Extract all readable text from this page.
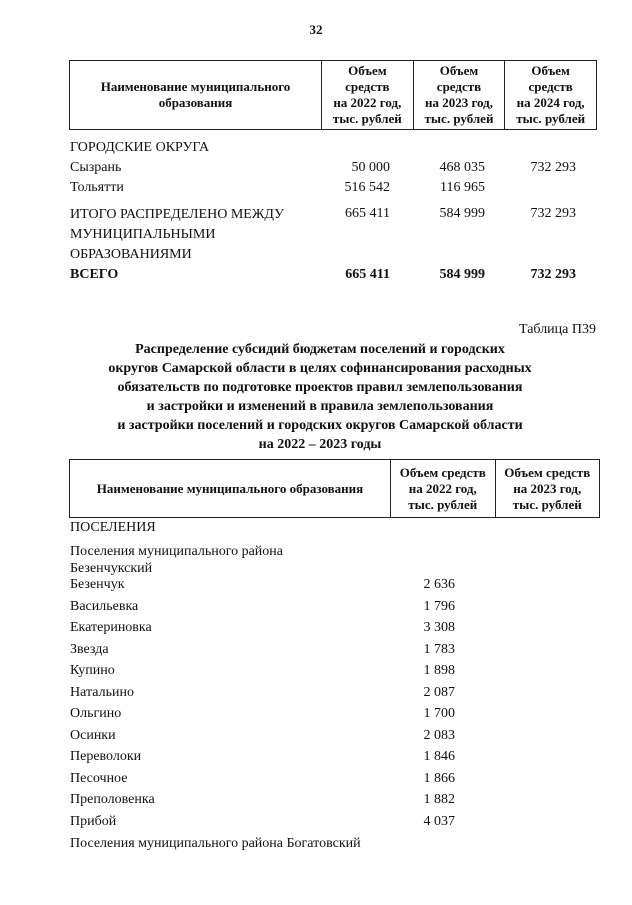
32
Наименование муниципального
образования

Объем
средств
на 2022 год,
тыс. рублей

Объем
средств
на 2023 год,
тыс. рублей

Объем
средств
на 2024 год,
тыс. рублей
ГОРОДСКИЕ ОКРУГА
Сызрань	50 000	468 035	732 293
Тольятти	516 542	116 965
ИТОГО РАСПРЕДЕЛЕНО МЕЖДУ
МУНИЦИПАЛЬНЫМИ
ОБРАЗОВАНИЯМИ
665 411	584 999	732 293
ВСЕГО	665 411	584 999	732 293
Таблица П39
Распределение субсидий бюджетам поселений и городских
округов Самарской области в целях софинансирования расходных
обязательств по подготовке проектов правил землепользования
и застройки и изменений в правила землепользования
и застройки поселений и городских округов Самарской области
на 2022 – 2023 годы
Наименование муниципального образования

Объем средств
на 2022 год,
тыс. рублей

Объем средств
на 2023 год,
тыс. рублей
ПОСЕЛЕНИЯ
Поселения муниципального района
Безенчукский
Безенчук	2 636
Васильевка	1 796
Екатериновка	3 308
Звезда	1 783
Купино	1 898
Натальино	2 087
Ольгино	1 700
Осинки	2 083
Переволоки	1 846
Песочное	1 866
Преполовенка	1 882
Прибой	4 037
Поселения муниципального района Богатовский
